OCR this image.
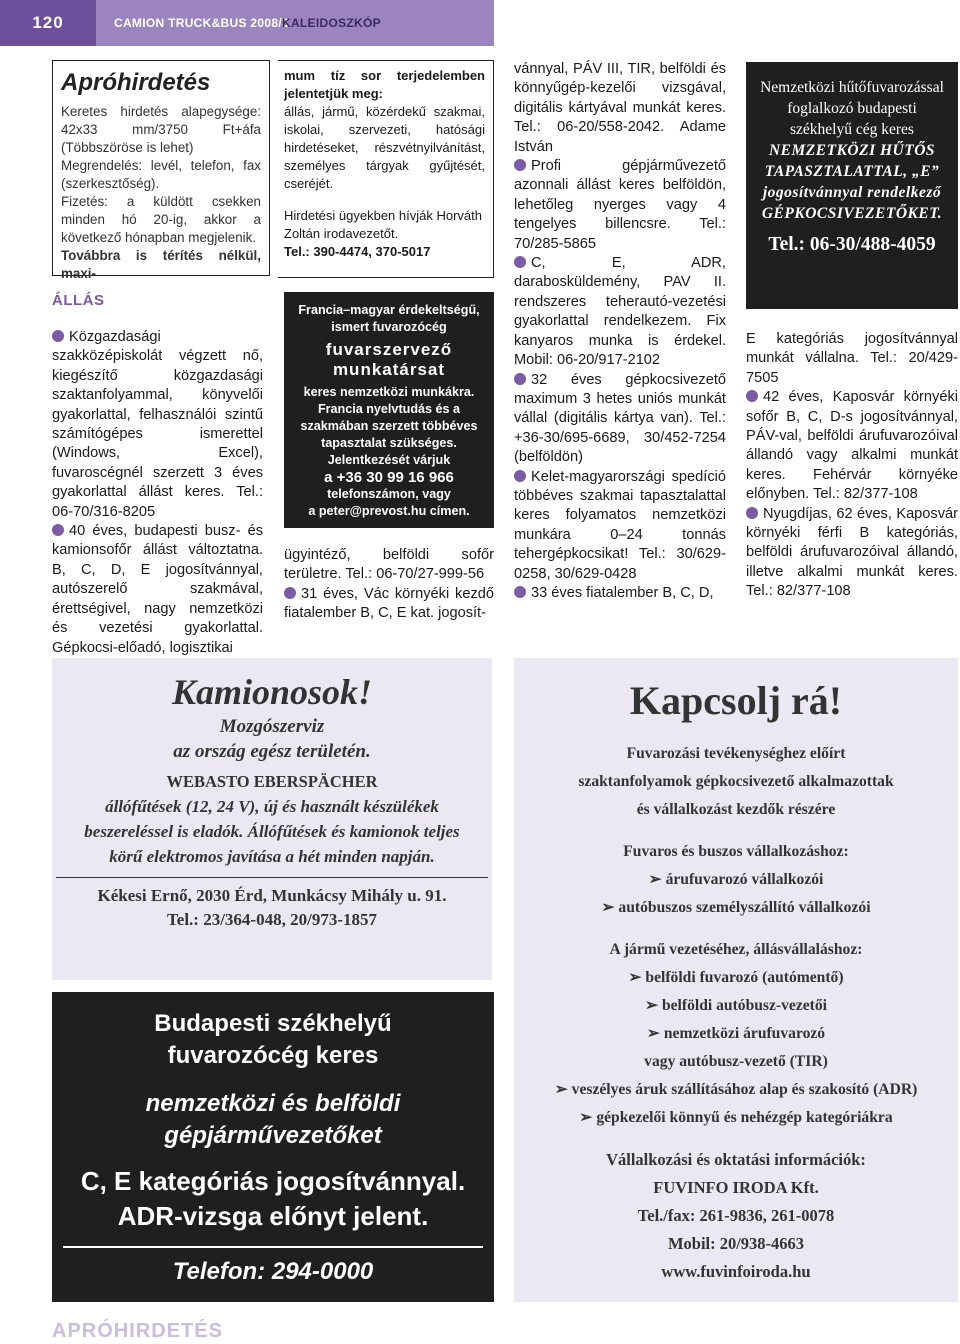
120	CAMION TRUCK&BUS 2008/3
KALEIDOSZKÓP
Apróhirdetés

Keretes hirdetés alapegysége: 42x33 mm/3750 Ft+áfa (Többszöröse is lehet)

Megrendelés: levél, telefon, fax (szerkesztőség).

Fizetés: a küldött csekken minden hó 20-ig, akkor a következő hónapban megjelenik.

Továbbra is térítés nélkül, maxi-

ÁLLÁS

Közgazdasági szakközépiskolát végzett nő, kiegészítő közgazdasági szaktanfolyammal, könyvelői gyakorlattal, felhasználói szintű számítógépes ismerettel (Windows, Excel), fuvaroscégnél szerzett 3 éves gyakorlattal állást keres. Tel.: 06-70/316-8205

40 éves, budapesti busz- és kamionsofőr állást változtatna. B, C, D, E jogosítvánnyal, autószerelő szakmával, érettségivel, nagy nemzetközi és vezetési gyakorlattal. Gépkocsi-előadó, logisztikai

mum tíz sor terjedelemben jelentetjük meg:

állás, jármű, közérdekű szakmai, iskolai, szervezeti, hatósági hirdetéseket, részvétnyilvánítást, személyes tárgyak gyűjtését, cseréjét.

Hirdetési ügyekben hívják Horváth Zoltán irodavezetőt.

Tel.: 390-4474, 370-5017

Francia–magyar érdekeltségű, ismert fuvarozócég
fuvarszervező
munkatársat
keres nemzetközi munkákra.
Francia nyelvtudás és a szakmában szerzett többéves tapasztalat szükséges.
Jelentkezését várjuk
a +36 30 99 16 966
telefonszámon, vagy
a peter@prevost.hu címen.

ügyintéző, belföldi sofőr területre. Tel.: 06-70/27-999-56

31 éves, Vác környéki kezdő fiatalember B, C, E kat. jogosít-

vánnyal, PÁV III, TIR, belföldi és könnyűgép-kezelői vizsgával, digitális kártyával munkát keres. Tel.: 06-20/558-2042. Adame István

Profi gépjárművezető azonnali állást keres belföldön, lehetőleg nyerges vagy 4 tengelyes billencsre. Tel.: 70/285-5865

C, E, ADR, darabosküldemény, PAV II. rendszeres teherautó-vezetési gyakorlattal rendelkezem. Fix kanyaros munka is érdekel. Mobil: 06-20/917-2102

32 éves gépkocsivezető maximum 3 hetes uniós munkát vállal (digitális kártya van). Tel.: +36-30/695-6689, 30/452-7254 (belföldön)

Kelet-magyarországi spedíció többéves szakmai tapasztalattal keres folyamatos nemzetközi munkára 0–24 tonnás tehergépkocsikat! Tel.: 30/629-0258, 30/629-0428

33 éves fiatalember B, C, D,

Nemzetközi hűtőfuvarozással foglalkozó budapesti székhelyű cég keres
NEMZETKÖZI HŰTŐS TAPASZTALATTAL, „E” jogosítvánnyal rendelkező GÉPKOCSIVEZETŐKET.
Tel.: 06-30/488-4059

E kategóriás jogosítvánnyal munkát vállalna. Tel.: 20/429-7505

42 éves, Kaposvár környéki sofőr B, C, D-s jogosítvánnyal, PÁV-val, belföldi árufuvarozóival állandó vagy alkalmi munkát keres. Fehérvár környéke előnyben. Tel.: 82/377-108

Nyugdíjas, 62 éves, Kaposvár környéki férfi B kategóriás, belföldi árufuvarozóival állandó, illetve alkalmi munkát keres. Tel.: 82/377-108

Kamionosok!
Mozgószerviz
az ország egész területén.
WEBASTO EBERSPÄCHER
állófűtések (12, 24 V), új és használt készülékek beszereléssel is eladók. Állófűtések és kamionok teljes körű elektromos javítása a hét minden napján.
Kékesi Ernő, 2030 Érd, Munkácsy Mihály u. 91.
Tel.: 23/364-048, 20/973-1857
Budapesti székhelyű fuvarozócég keres
nemzetközi és belföldi gépjárművezetőket
C, E kategóriás jogosítvánnyal. ADR-vizsga előnyt jelent.
Telefon: 294-0000
Kapcsolj rá!
Fuvarozási tevékenységhez előírt
szaktanfolyamok gépkocsivezető alkalmazottak
és vállalkozást kezdők részére
Fuvaros és buszos vállalkozáshoz:
➢ árufuvarozó vállalkozói
➢ autóbuszos személyszállító vállalkozói
A jármű vezetéséhez, állásvállaláshoz:
➢ belföldi fuvarozó (autómentő)
➢ belföldi autóbusz-vezetői
➢ nemzetközi árufuvarozó
vagy autóbusz-vezető (TIR)
➢ veszélyes áruk szállításához alap és szakosító (ADR)
➢ gépkezelői könnyű és nehézgép kategóriákra
Vállalkozási és oktatási információk:
FUVINFO IRODA Kft.
Tel./fax: 261-9836, 261-0078
Mobil: 20/938-4663
www.fuvinfoiroda.hu
APRÓHIRDETÉS
